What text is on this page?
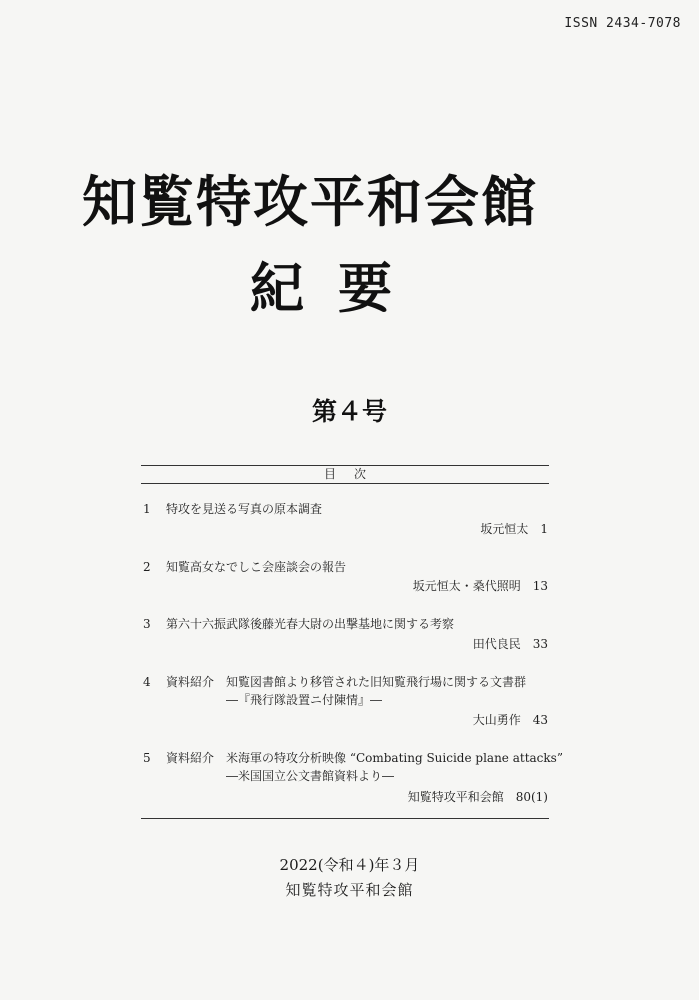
ISSN 2434-7078
知覧特攻平和会館
紀要
第４号
目次
1 特攻を見送る写真の原本調査
坂元恒太　 1
2 知覧高女なでしこ会座談会の報告
坂元恒太・桑代照明　 13
3 第六十六振武隊後藤光春大尉の出撃基地に関する考察
田代良民　 33
4 資料紹介　知覧図書館より移管された旧知覧飛行場に関する文書群
―『飛行隊設置ニ付陳情』―
大山勇作　 43
5 資料紹介　米海軍の特攻分析映像 “Combating Suicide plane attacks”
―米国国立公文書館資料より―
知覧特攻平和会館　 80(1)
2022(令和４)年３月
知覧特攻平和会館
